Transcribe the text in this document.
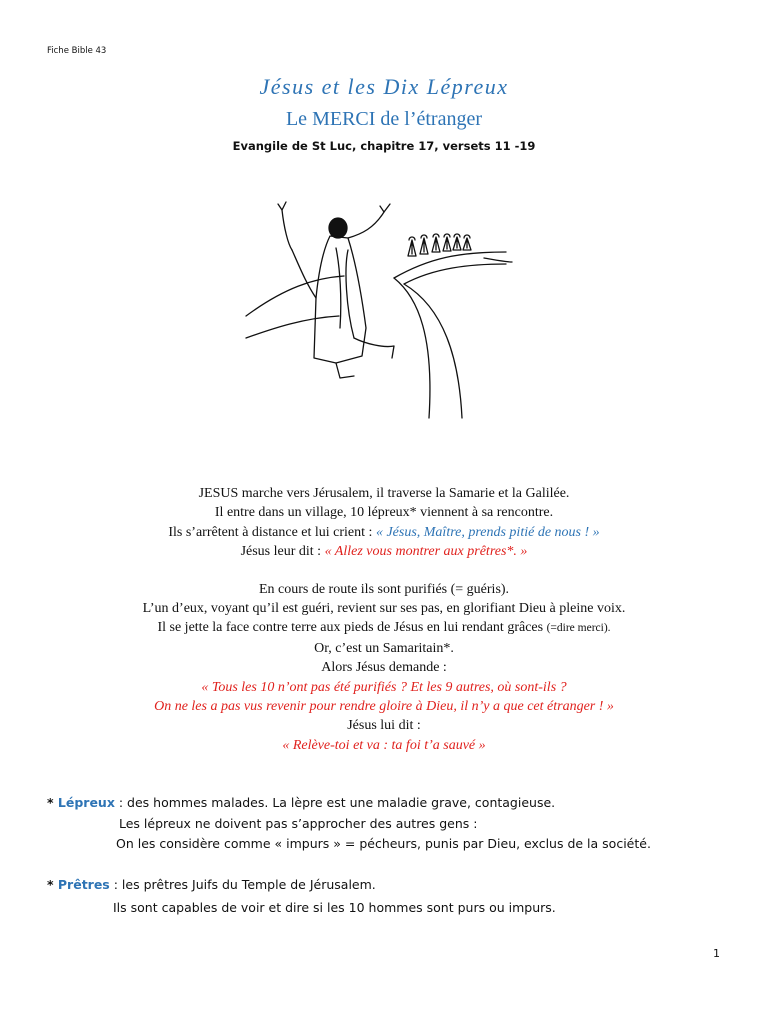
Fiche Bible 43
Jésus et les Dix Lépreux
Le MERCI de l’étranger
Evangile de St Luc, chapitre 17, versets 11 -19
JESUS marche vers Jérusalem, il traverse la Samarie et la Galilée.
Il entre dans un village, 10 lépreux* viennent à sa rencontre.
Ils s’arrêtent à distance et lui crient : « Jésus, Maître, prends pitié de nous ! »
Jésus leur dit : « Allez vous montrer aux prêtres*. »
En cours de route ils sont purifiés (= guéris).
L’un d’eux, voyant qu’il est guéri, revient sur ses pas, en glorifiant Dieu à pleine voix.
Il se jette la face contre terre aux pieds de Jésus en lui rendant grâces (=dire merci).
Or, c’est un Samaritain*.
Alors Jésus demande :
« Tous les 10 n’ont pas été purifiés ? Et les 9 autres, où sont-ils ?
On ne les a pas vus revenir pour rendre gloire à Dieu, il n’y a que cet étranger ! »
Jésus lui dit :
« Relève-toi et va : ta foi t’a sauvé »
* Lépreux : des hommes malades. La lèpre est une maladie grave, contagieuse.
Les lépreux ne doivent pas s’approcher des autres gens :
On les considère comme « impurs » = pécheurs, punis par Dieu, exclus de la société.
* Prêtres : les prêtres Juifs du Temple de Jérusalem.
Ils sont capables de voir et dire si les 10 hommes sont purs ou impurs.
1
